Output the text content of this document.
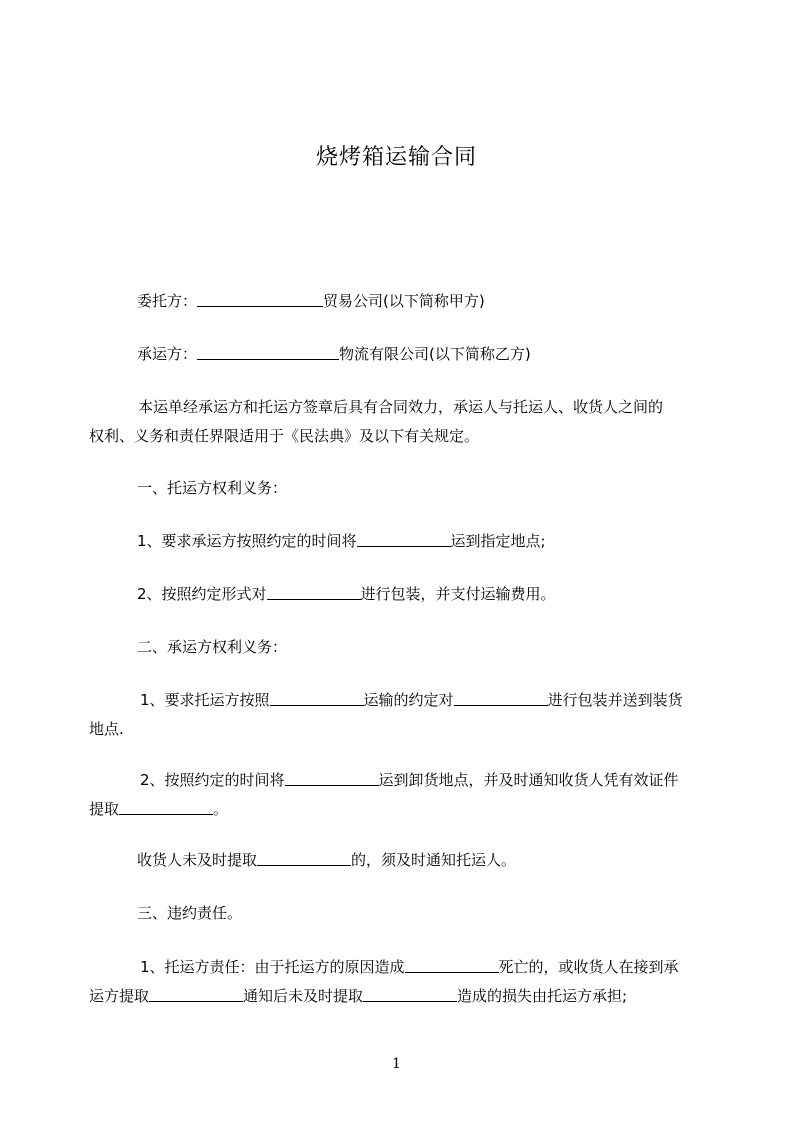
烧烤箱运输合同

委托方：	贸易公司(以下简称甲方)

承运方：	物流有限公司(以下简称乙方)

本运单经承运方和托运方签章后具有合同效力，承运人与托运人、收货人之间的
权利、义务和责任界限适用于《民法典》及以下有关规定。

一、托运方权利义务：

1、要求承运方按照约定的时间将	运到指定地点;

2、按照约定形式对	进行包装，并支付运输费用。

二、承运方权利义务：

1、要求托运方按照	运输的约定对	进行包装并送到装货
地点.

2、按照约定的时间将	运到卸货地点，并及时通知收货人凭有效证件
提取	。

收货人未及时提取	的，须及时通知托运人。

三、违约责任。

1、托运方责任：由于托运方的原因造成	死亡的，或收货人在接到承
运方提取	通知后未及时提取	造成的损失由托运方承担;

1
